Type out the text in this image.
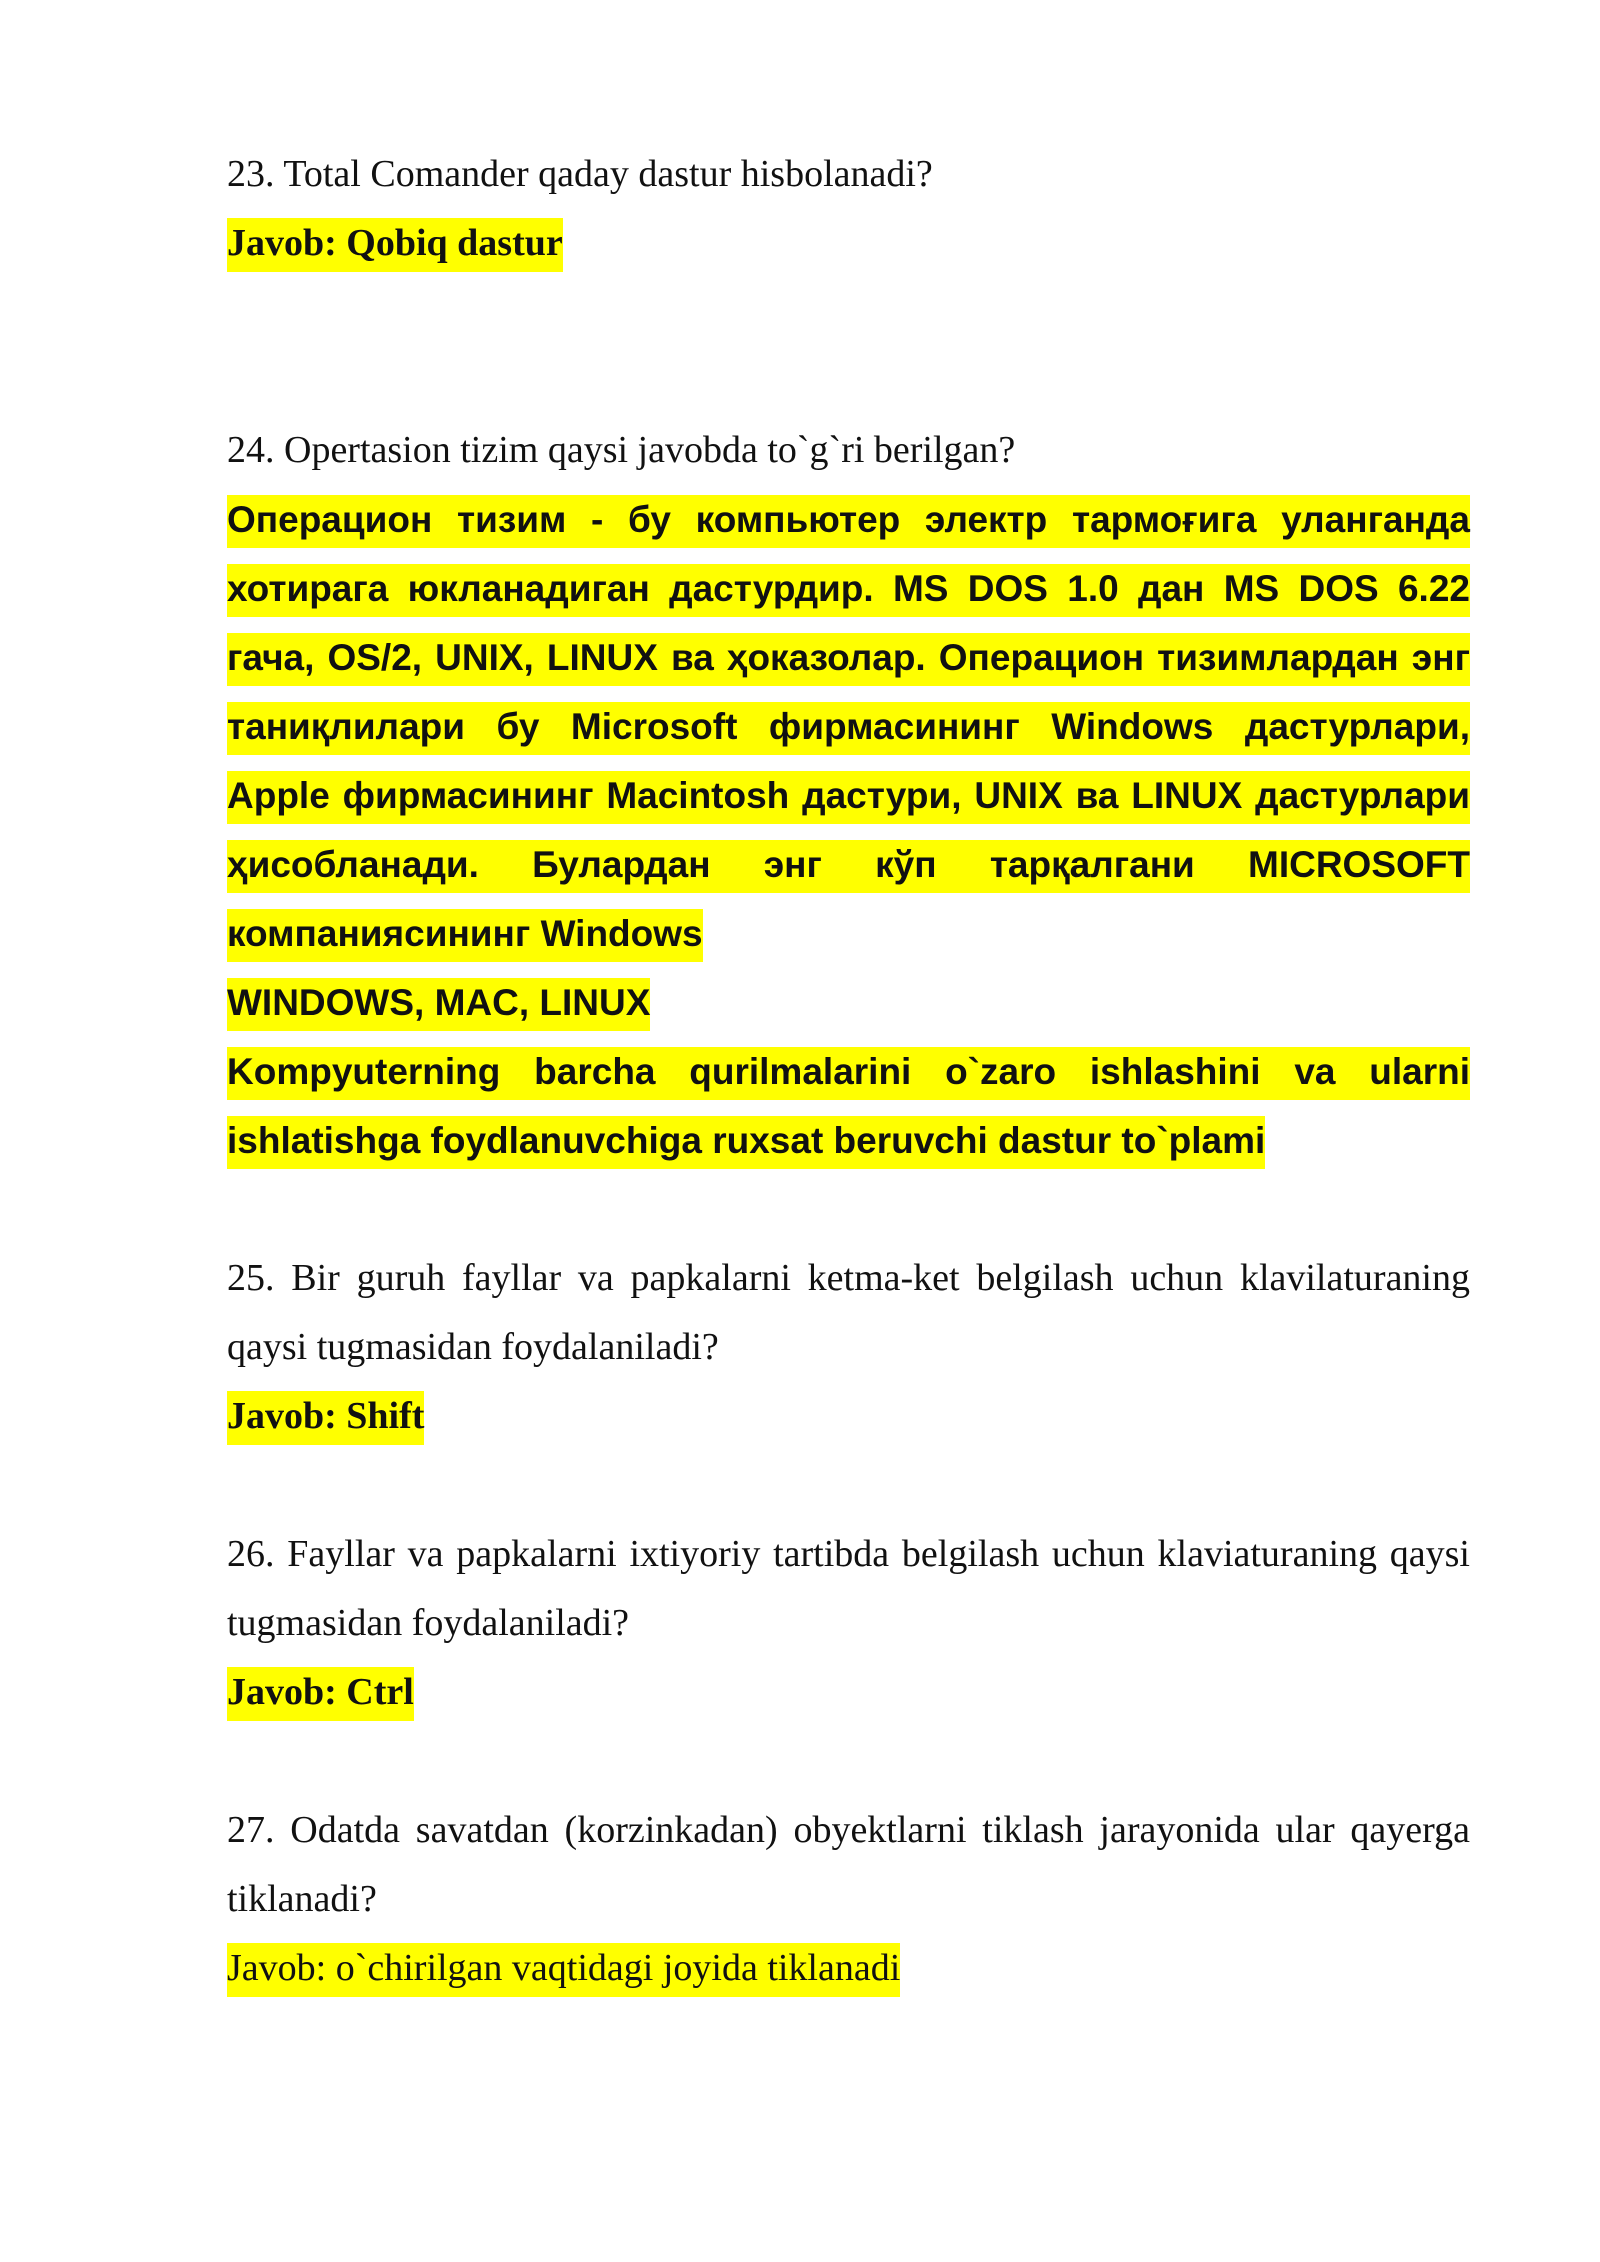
23. Total Comander qaday dastur hisbolanadi?

Javob: Qobiq dastur

24. Opertasion tizim qaysi javobda to`g`ri berilgan?

Операцион тизим - бу компьютер электр тармоғига уланганда хотирага юкланадиган дастурдир. MS DOS 1.0 дан MS DOS 6.22 гача, OS/2, UNIX, LINUX ва ҳоказолар. Операцион тизимлардан энг таниқлилари бу Microsoft фирмасининг Windows дастурлари, Apple фирмасининг Macintosh дастури, UNIX ва LINUX дастурлари ҳисобланади. Булардан энг кўп тарқалгани MICROSOFT компаниясининг Windows

WINDOWS, MAC, LINUX

Kompyuterning barcha qurilmalarini o`zaro ishlashini va ularni ishlatishga foydlanuvchiga ruxsat beruvchi dastur to`plami

25. Bir guruh fayllar va papkalarni ketma-ket belgilash uchun klavilaturaning qaysi tugmasidan foydalaniladi?

Javob: Shift

26. Fayllar va papkalarni ixtiyoriy tartibda belgilash uchun klaviaturaning qaysi tugmasidan foydalaniladi?

Javob: Ctrl

27. Odatda savatdan (korzinkadan) obyektlarni tiklash jarayonida ular qayerga tiklanadi?

Javob: o`chirilgan vaqtidagi joyida tiklanadi
